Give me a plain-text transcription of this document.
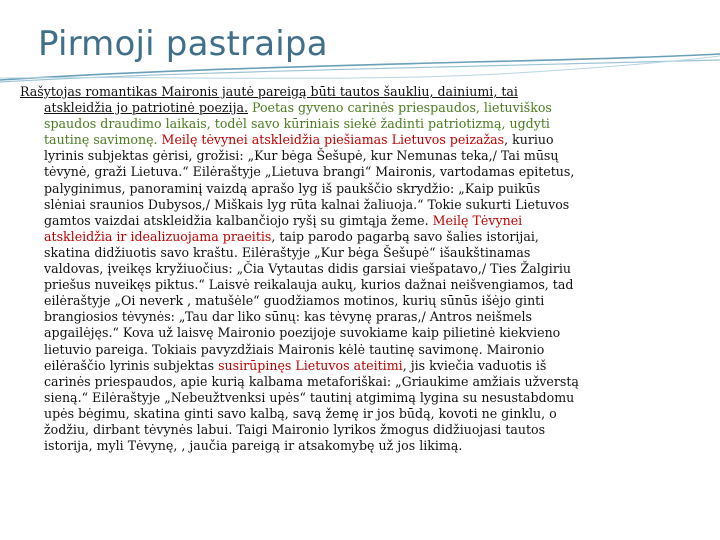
Pirmoji pastraipa
Rašytojas romantikas Maironis jautė pareigą būti tautos šaukliu, dainiumi, tai
atskleidžia jo patriotinė poezija. Poetas gyveno carinės priespaudos, lietuviškos
spaudos draudimo laikais, todėl savo kūriniais siekė žadinti patriotizmą, ugdyti
tautinę savimonę. Meilę tėvynei atskleidžia piešiamas Lietuvos peizažas, kuriuo
lyrinis subjektas gėrisi, grožisi: „Kur bėga Šešupė, kur Nemunas teka,/ Tai mūsų
tėvynė, graži Lietuva.“ Eilėraštyje „Lietuva brangi“ Maironis, vartodamas epitetus,
palyginimus, panoraminį vaizdą aprašo lyg iš paukščio skrydžio: „Kaip puikūs
slėniai sraunios Dubysos,/ Miškais lyg rūta kalnai žaliuoja.“ Tokie sukurti Lietuvos
gamtos vaizdai atskleidžia kalbančiojo ryšį su gimtąja žeme. Meilę Tėvynei
atskleidžia ir idealizuojama praeitis, taip parodo pagarbą savo šalies istorijai,
skatina didžiuotis savo kraštu. Eilėraštyje „Kur bėga Šešupė“ išaukštinamas
valdovas, įveikęs kryžiuočius: „Čia Vytautas didis garsiai viešpatavo,/ Ties Žalgiriu
priešus nuveikęs piktus.“ Laisvė reikalauja aukų, kurios dažnai neišvengiamos, tad
eilėraštyje „Oi neverk , matušėle“ guodžiamos motinos, kurių sūnūs išėjo ginti
brangiosios tėvynės: „Tau dar liko sūnų: kas tėvynę praras,/ Antros neišmels
apgailėjęs.“ Kova už laisvę Maironio poezijoje suvokiame kaip pilietinė kiekvieno
lietuvio pareiga. Tokiais pavyzdžiais Maironis kėlė tautinę savimonę. Maironio
eilėraščio lyrinis subjektas susirūpinęs Lietuvos ateitimi, jis kviečia vaduotis iš
carinės priespaudos, apie kurią kalbama metaforiškai: „Griaukime amžiais užverstą
sieną.“ Eilėraštyje „Nebeužtvenksi upės“ tautinį atgimimą lygina su nesustabdomu
upės bėgimu, skatina ginti savo kalbą, savą žemę ir jos būdą, kovoti ne ginklu, o
žodžiu, dirbant tėvynės labui. Taigi Maironio lyrikos žmogus didžiuojasi tautos
istorija, myli Tėvynę, , jaučia pareigą ir atsakomybę už jos likimą.
